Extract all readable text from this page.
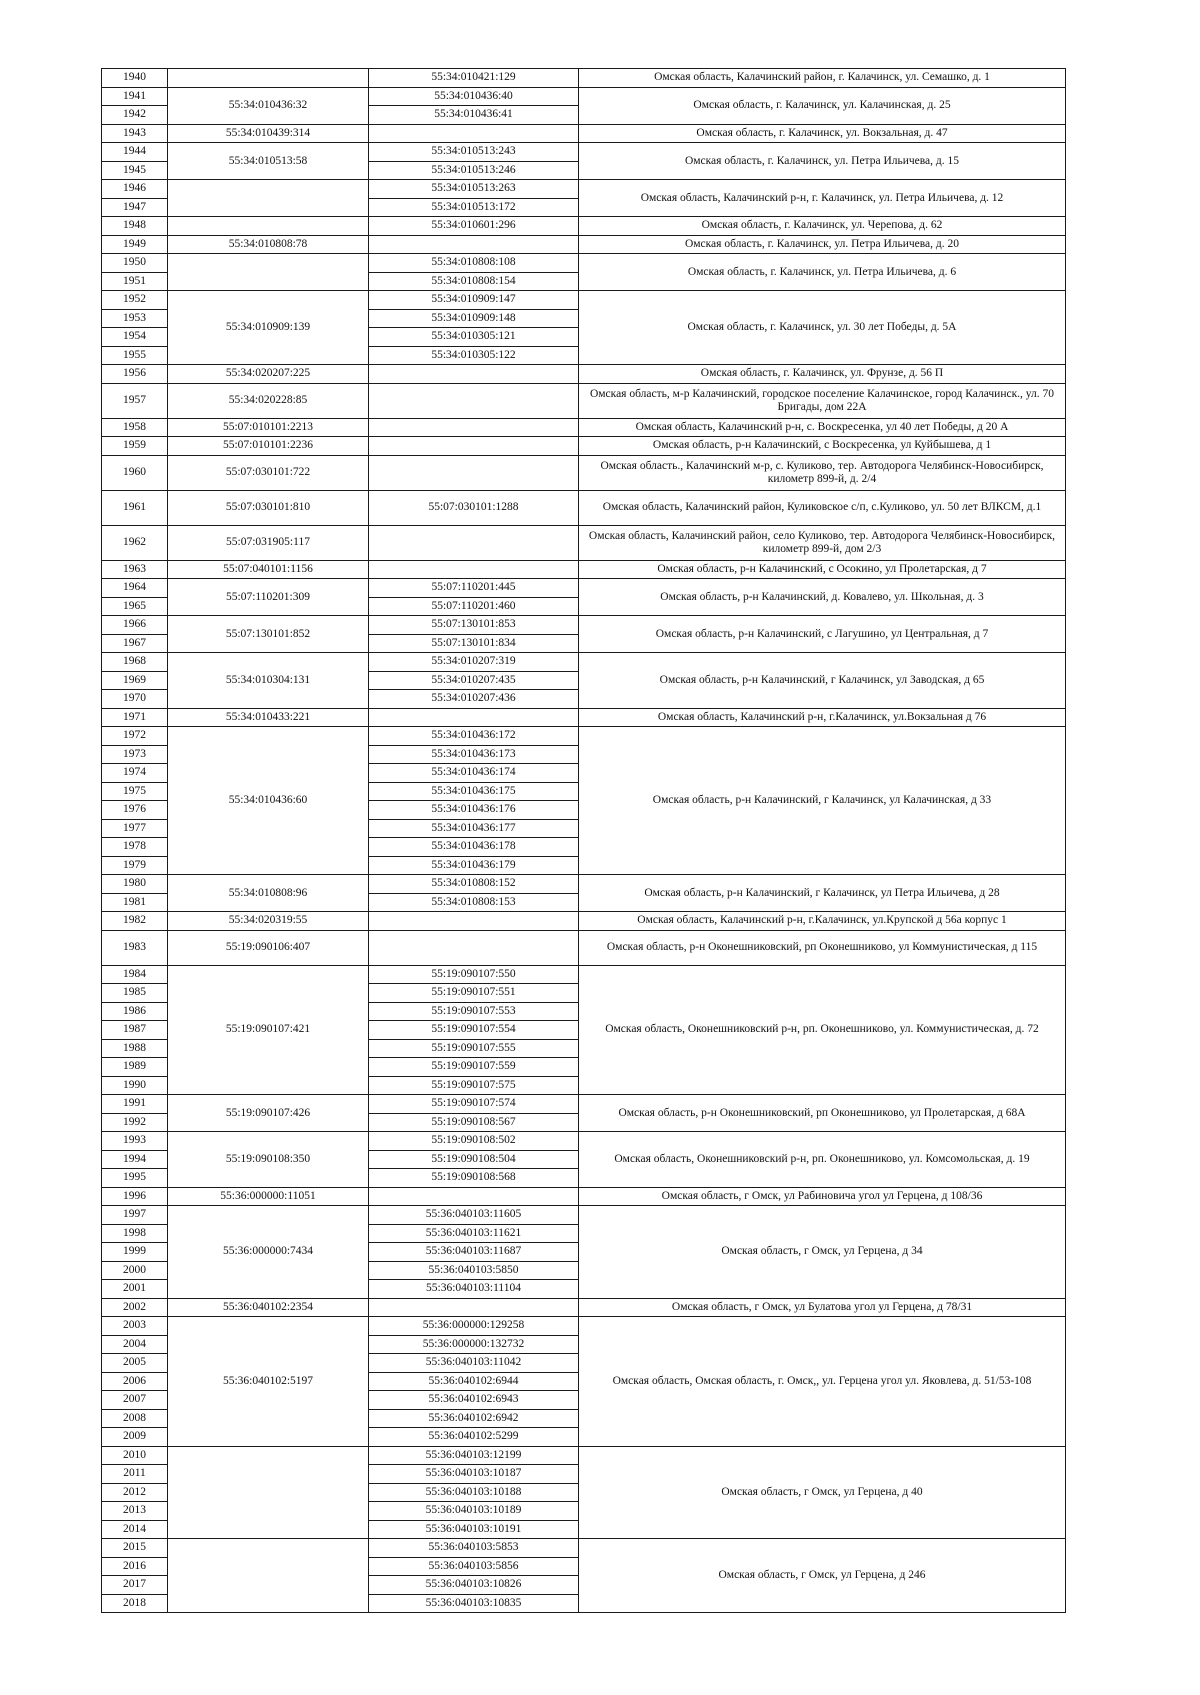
1940		55:34:010421:129	Омская область, Калачинский район, г. Калачинск, ул. Семашко, д. 1
1941	55:34:010436:32	55:34:010436:40	Омская область, г. Калачинск, ул. Калачинская, д. 25
1942		55:34:010436:41	
1943	55:34:010439:314		Омская область, г. Калачинск, ул. Вокзальная, д. 47
1944	55:34:010513:58	55:34:010513:243	Омская область, г. Калачинск, ул. Петра Ильичева, д. 15
1945		55:34:010513:246	
1946		55:34:010513:263	Омская область, Калачинский р-н, г. Калачинск, ул. Петра Ильичева, д. 12
1947		55:34:010513:172	
1948		55:34:010601:296	Омская область, г. Калачинск, ул. Черепова, д. 62
1949	55:34:010808:78		Омская область, г. Калачинск, ул. Петра Ильичева, д. 20
1950		55:34:010808:108	Омская область, г. Калачинск, ул. Петра Ильичева, д. 6
1951		55:34:010808:154	
1952	55:34:010909:139	55:34:010909:147	Омская область, г. Калачинск, ул. 30 лет Победы, д. 5А
1953		55:34:010909:148	
1954		55:34:010305:121	
1955		55:34:010305:122	
1956	55:34:020207:225		Омская область, г. Калачинск, ул. Фрунзе, д. 56 П
1957	55:34:020228:85		Омская область, м-р Калачинский, городское поселение Калачинское, город Калачинск., ул. 70 Бригады, дом 22А
1958	55:07:010101:2213		Омская область, Калачинский р-н, с. Воскресенка, ул 40 лет Победы, д 20 А
1959	55:07:010101:2236		Омская область, р-н Калачинский, с Воскресенка, ул Куйбышева, д 1
1960	55:07:030101:722		Омская область., Калачинский м-р, с. Куликово, тер. Автодорога Челябинск-Новосибирск, километр 899-й, д. 2/4
1961	55:07:030101:810	55:07:030101:1288	Омская область, Калачинский район, Куликовское с/п, с.Куликово, ул. 50 лет ВЛКСМ, д.1
1962	55:07:031905:117		Омская область, Калачинский район, село Куликово, тер. Автодорога Челябинск-Новосибирск, километр 899-й, дом 2/3
1963	55:07:040101:1156		Омская область, р-н Калачинский, с Осокино, ул Пролетарская, д 7
1964	55:07:110201:309	55:07:110201:445	Омская область, р-н Калачинский, д. Ковалево, ул. Школьная, д. 3
1965		55:07:110201:460	
1966	55:07:130101:852	55:07:130101:853	Омская область, р-н Калачинский, с Лагушино, ул Центральная, д 7
1967		55:07:130101:834	
1968	55:34:010304:131	55:34:010207:319	Омская область, р-н Калачинский, г Калачинск, ул Заводская, д 65
1969		55:34:010207:435	
1970		55:34:010207:436	
1971	55:34:010433:221		Омская область, Калачинский р-н, г.Калачинск, ул.Вокзальная д 76
1972	55:34:010436:60	55:34:010436:172	Омская область, р-н Калачинский, г Калачинск, ул Калачинская, д 33
1973		55:34:010436:173	
1974		55:34:010436:174	
1975		55:34:010436:175	
1976		55:34:010436:176	
1977		55:34:010436:177	
1978		55:34:010436:178	
1979		55:34:010436:179	
1980	55:34:010808:96	55:34:010808:152	Омская область, р-н Калачинский, г Калачинск, ул Петра Ильичева, д 28
1981		55:34:010808:153	
1982	55:34:020319:55		Омская область, Калачинский р-н, г.Калачинск, ул.Крупской д 56а корпус 1
1983	55:19:090106:407		Омская область, р-н Оконешниковский, рп Оконешниково, ул Коммунистическая, д 115
1984	55:19:090107:421	55:19:090107:550	Омская область, Оконешниковский р-н, рп. Оконешниково, ул. Коммунистическая, д. 72
1985		55:19:090107:551	
1986		55:19:090107:553	
1987		55:19:090107:554	
1988		55:19:090107:555	
1989		55:19:090107:559	
1990		55:19:090107:575	
1991	55:19:090107:426	55:19:090107:574	Омская область, р-н Оконешниковский, рп Оконешниково, ул Пролетарская, д 68А
1992		55:19:090108:567	
1993	55:19:090108:350	55:19:090108:502	Омская область, Оконешниковский р-н, рп. Оконешниково, ул. Комсомольская, д. 19
1994		55:19:090108:504	
1995		55:19:090108:568	
1996	55:36:000000:11051		Омская область, г Омск, ул Рабиновича угол ул Герцена, д 108/36
1997	55:36:000000:7434	55:36:040103:11605	Омская область, г Омск, ул Герцена, д 34
1998		55:36:040103:11621	
1999		55:36:040103:11687	
2000		55:36:040103:5850	
2001		55:36:040103:11104	
2002	55:36:040102:2354		Омская область, г Омск, ул Булатова угол ул Герцена, д 78/31
2003	55:36:040102:5197	55:36:000000:129258	Омская область, Омская область, г. Омск,, ул. Герцена угол ул. Яковлева, д. 51/53-108
2004		55:36:000000:132732	
2005		55:36:040103:11042	
2006		55:36:040102:6944	
2007		55:36:040102:6943	
2008		55:36:040102:6942	
2009		55:36:040102:5299	
2010		55:36:040103:12199	Омская область, г Омск, ул Герцена, д 40
2011		55:36:040103:10187	
2012		55:36:040103:10188	
2013		55:36:040103:10189	
2014		55:36:040103:10191	
2015		55:36:040103:5853	Омская область, г Омск, ул Герцена, д 246
2016		55:36:040103:5856	
2017		55:36:040103:10826	
2018		55:36:040103:10835	
